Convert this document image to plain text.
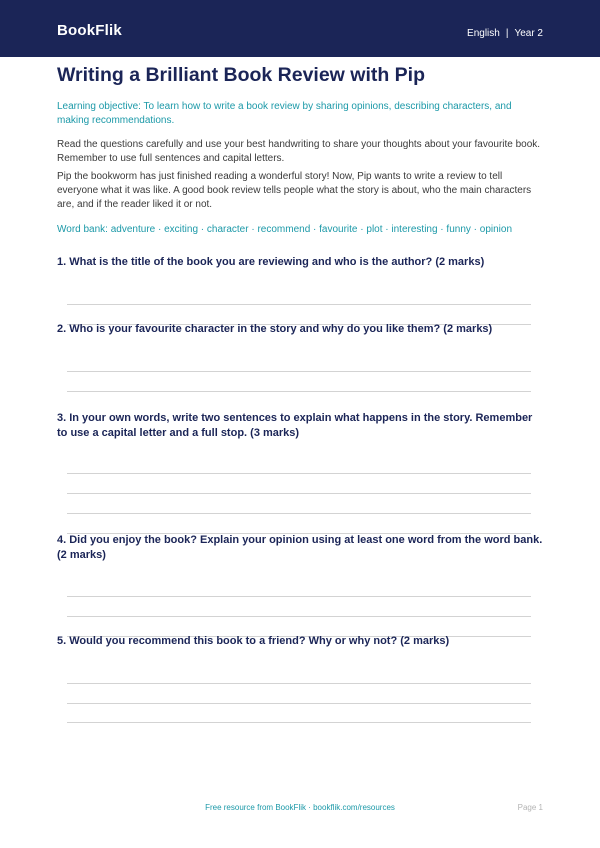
BookFlik	English | Year 2
Writing a Brilliant Book Review with Pip

Learning objective: To learn how to write a book review by sharing opinions, describing characters, and making recommendations.

Read the questions carefully and use your best handwriting to share your thoughts about your favourite book. Remember to use full sentences and capital letters.

Pip the bookworm has just finished reading a wonderful story! Now, Pip wants to write a review to tell everyone what it was like. A good book review tells people what the story is about, who the main characters are, and if the reader liked it or not.

Word bank: adventure · exciting · character · recommend · favourite · plot · interesting · funny · opinion

1. What is the title of the book you are reviewing and who is the author? (2 marks)

2. Who is your favourite character in the story and why do you like them? (2 marks)

3. In your own words, write two sentences to explain what happens in the story. Remember to use a capital letter and a full stop. (3 marks)

4. Did you enjoy the book? Explain your opinion using at least one word from the word bank. (2 marks)

5. Would you recommend this book to a friend? Why or why not? (2 marks)

Free resource from BookFlik · bookflik.com/resources	Page 1
